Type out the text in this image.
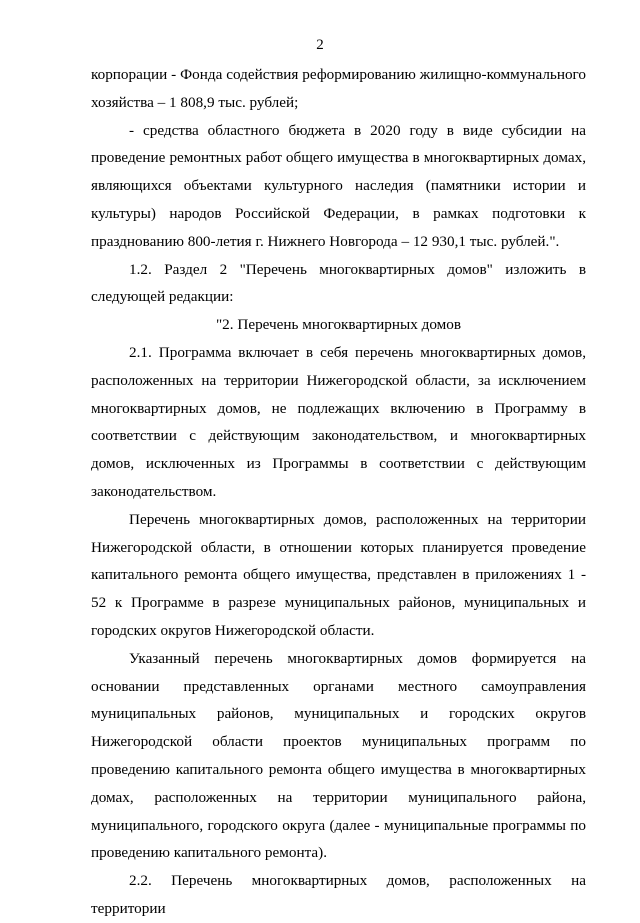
2

корпорации - Фонда содействия реформированию жилищно-коммунального хозяйства – 1 808,9 тыс. рублей;

- средства областного бюджета в 2020 году в виде субсидии на проведение ремонтных работ общего имущества в многоквартирных домах, являющихся объектами культурного наследия (памятники истории и культуры) народов Российской Федерации, в рамках подготовки к празднованию 800-летия г. Нижнего Новгорода – 12 930,1 тыс. рублей.".

1.2. Раздел 2 "Перечень многоквартирных домов" изложить в следующей редакции:

"2. Перечень многоквартирных домов

2.1. Программа включает в себя перечень многоквартирных домов, расположенных на территории Нижегородской области, за исключением многоквартирных домов, не подлежащих включению в Программу в соответствии с действующим законодательством, и многоквартирных домов, исключенных из Программы в соответствии с действующим законодательством.

Перечень многоквартирных домов, расположенных на территории Нижегородской области, в отношении которых планируется проведение капитального ремонта общего имущества, представлен в приложениях 1 - 52 к Программе в разрезе муниципальных районов, муниципальных и городских округов Нижегородской области.

Указанный перечень многоквартирных домов формируется на основании представленных органами местного самоуправления муниципальных районов, муниципальных и городских округов Нижегородской области проектов муниципальных программ по проведению капитального ремонта общего имущества в многоквартирных домах, расположенных на территории муниципального района, муниципального, городского округа (далее - муниципальные программы по проведению капитального ремонта).

2.2. Перечень многоквартирных домов, расположенных на территории
